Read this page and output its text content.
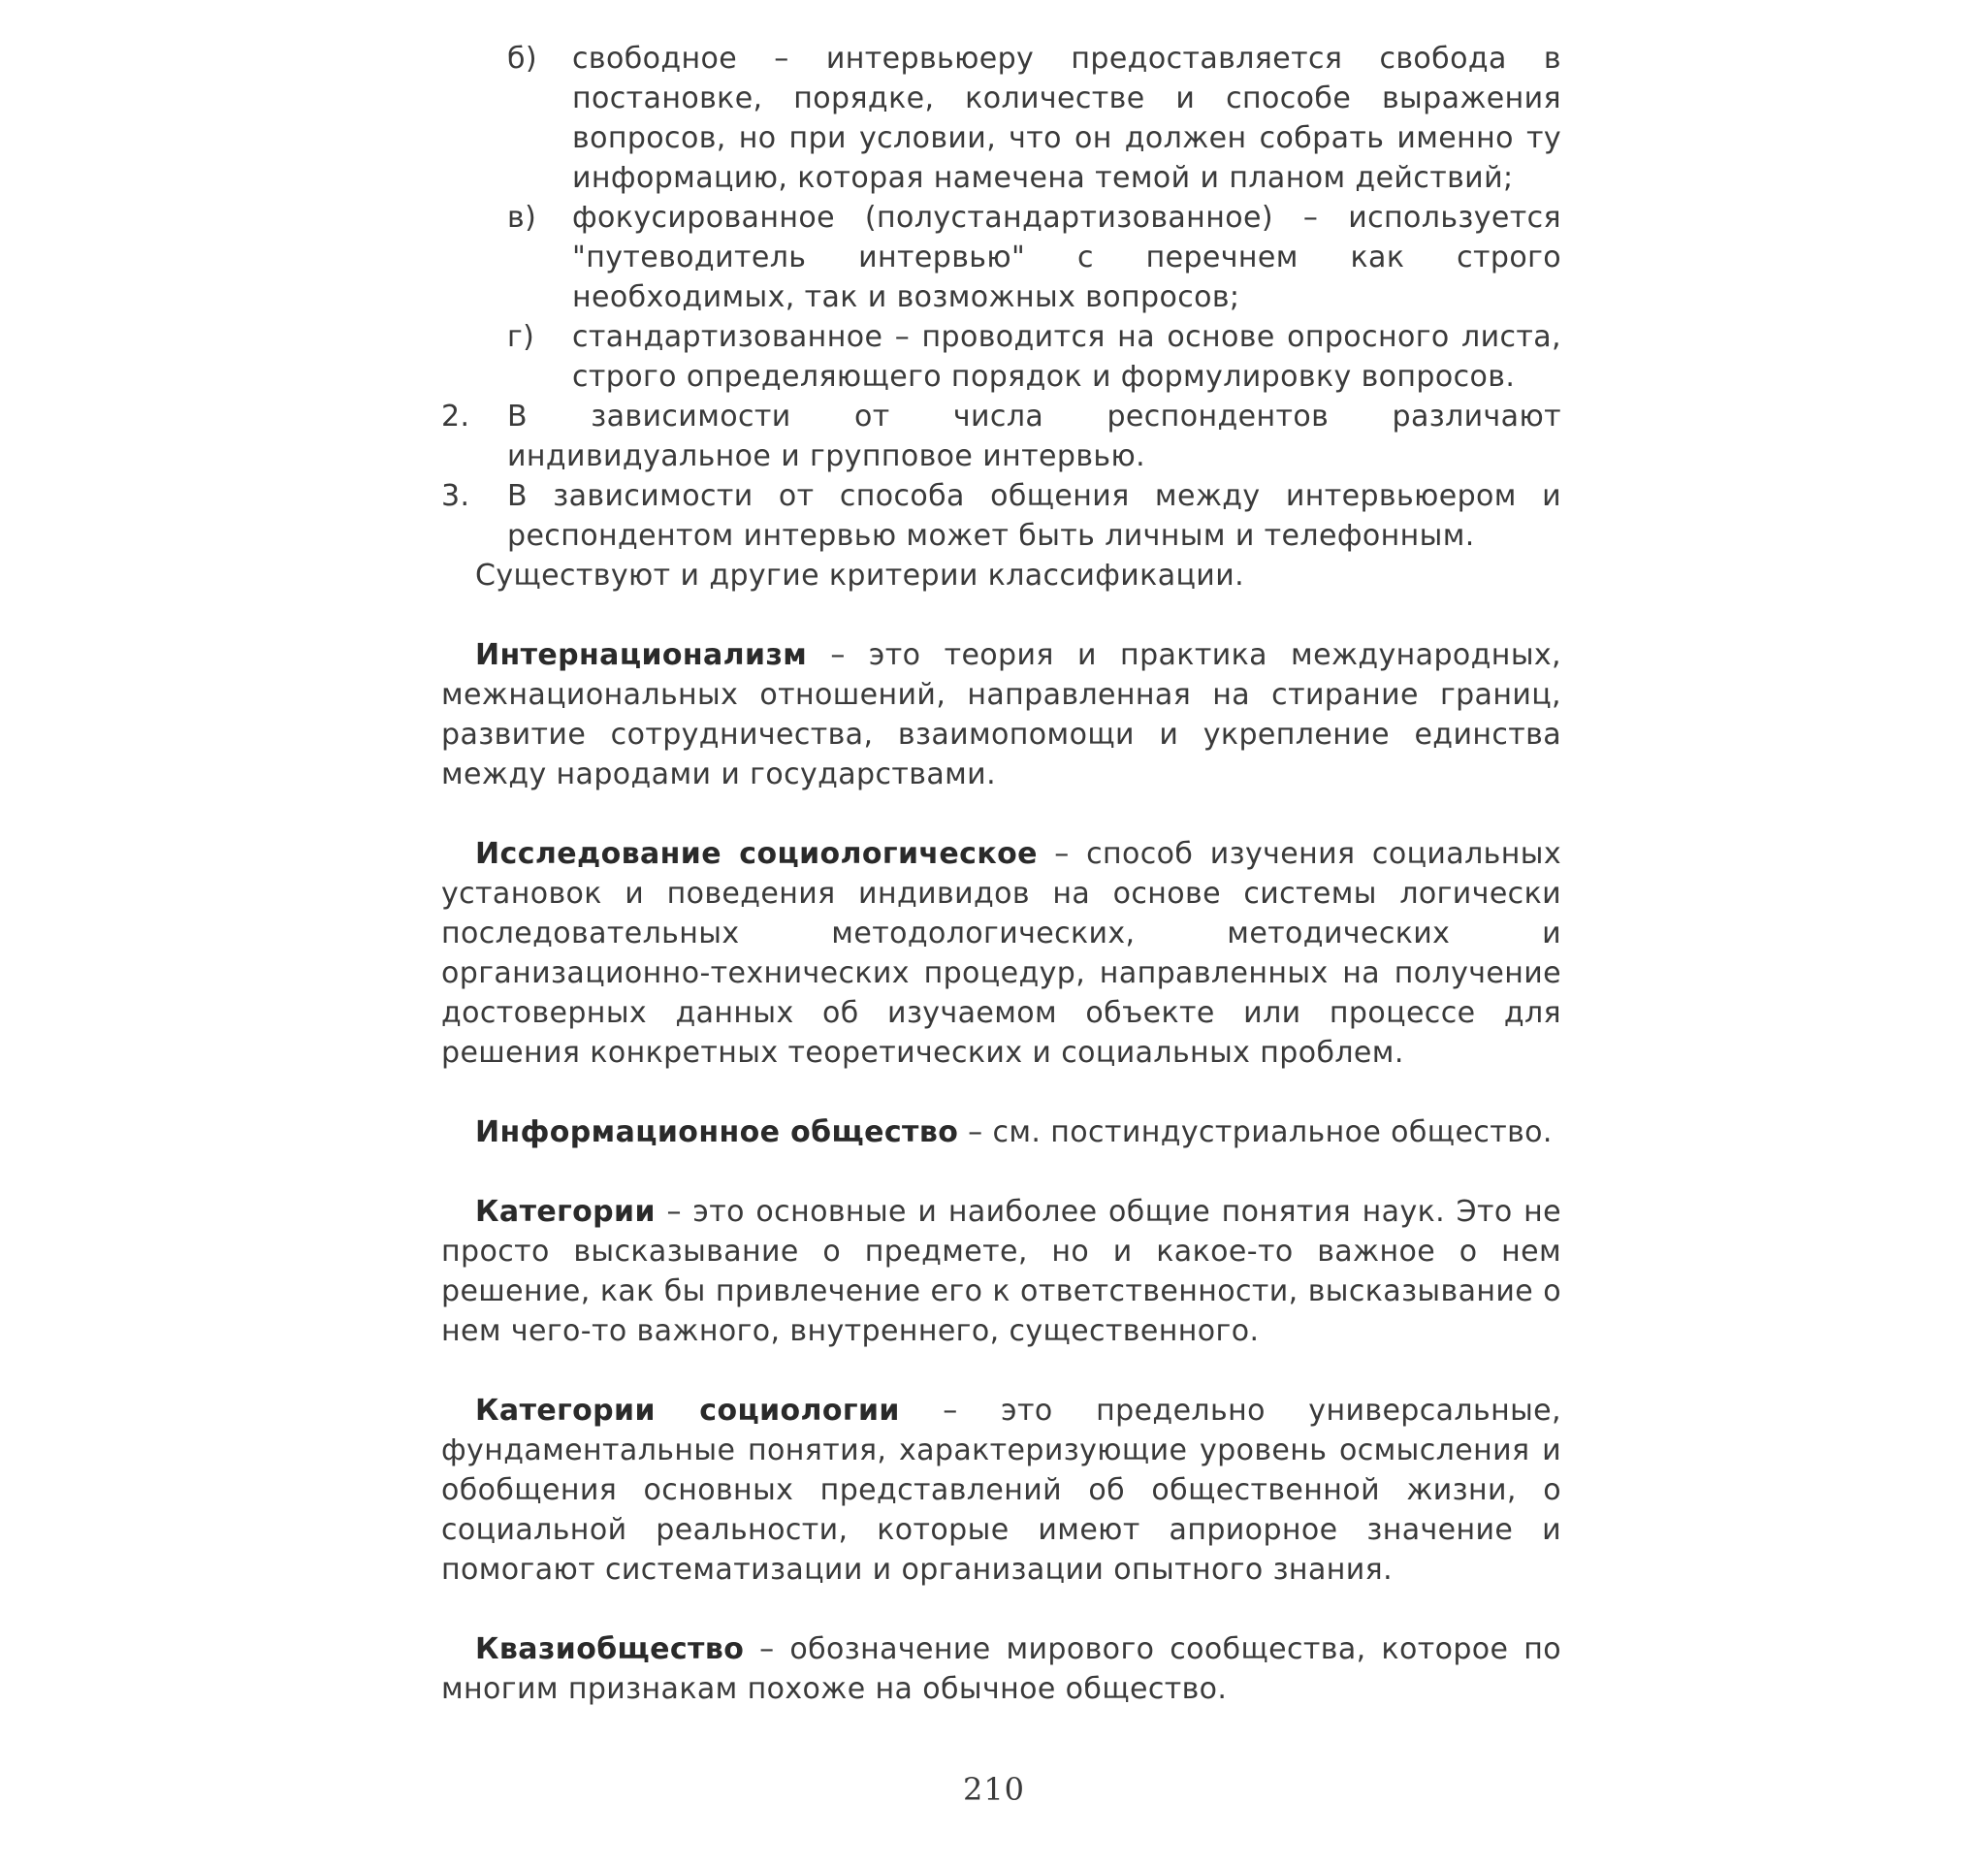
б) свободное – интервьюеру предоставляется свобода в постановке, порядке, количестве и способе выражения вопросов, но при условии, что он должен собрать именно ту информацию, которая намечена темой и планом действий;
в) фокусированное (полустандартизованное) – используется "путеводитель интервью" с перечнем как строго необходимых, так и возможных вопросов;
г) стандартизованное – проводится на основе опросного листа, строго определяющего порядок и формулировку вопросов.
2. В зависимости от числа респондентов различают индивидуальное и групповое интервью.
3. В зависимости от способа общения между интервьюером и респондентом интервью может быть личным и телефонным.
Существуют и другие критерии классификации.
Интернационализм – это теория и практика международных, межнациональных отношений, направленная на стирание границ, развитие сотрудничества, взаимопомощи и укрепление единства между народами и государствами.
Исследование социологическое – способ изучения социальных установок и поведения индивидов на основе системы логически последовательных методологических, методических и организационно-технических процедур, направленных на получение достоверных данных об изучаемом объекте или процессе для решения конкретных теоретических и социальных проблем.
Информационное общество – см. постиндустриальное общество.
Категории – это основные и наиболее общие понятия наук. Это не просто высказывание о предмете, но и какое-то важное о нем решение, как бы привлечение его к ответственности, высказывание о нем чего-то важного, внутреннего, существенного.
Категории социологии – это предельно универсальные, фундаментальные понятия, характеризующие уровень осмысления и обобщения основных представлений об общественной жизни, о социальной реальности, которые имеют априорное значение и помогают систематизации и организации опытного знания.
Квазиобщество – обозначение мирового сообщества, которое по многим признакам похоже на обычное общество.
210
